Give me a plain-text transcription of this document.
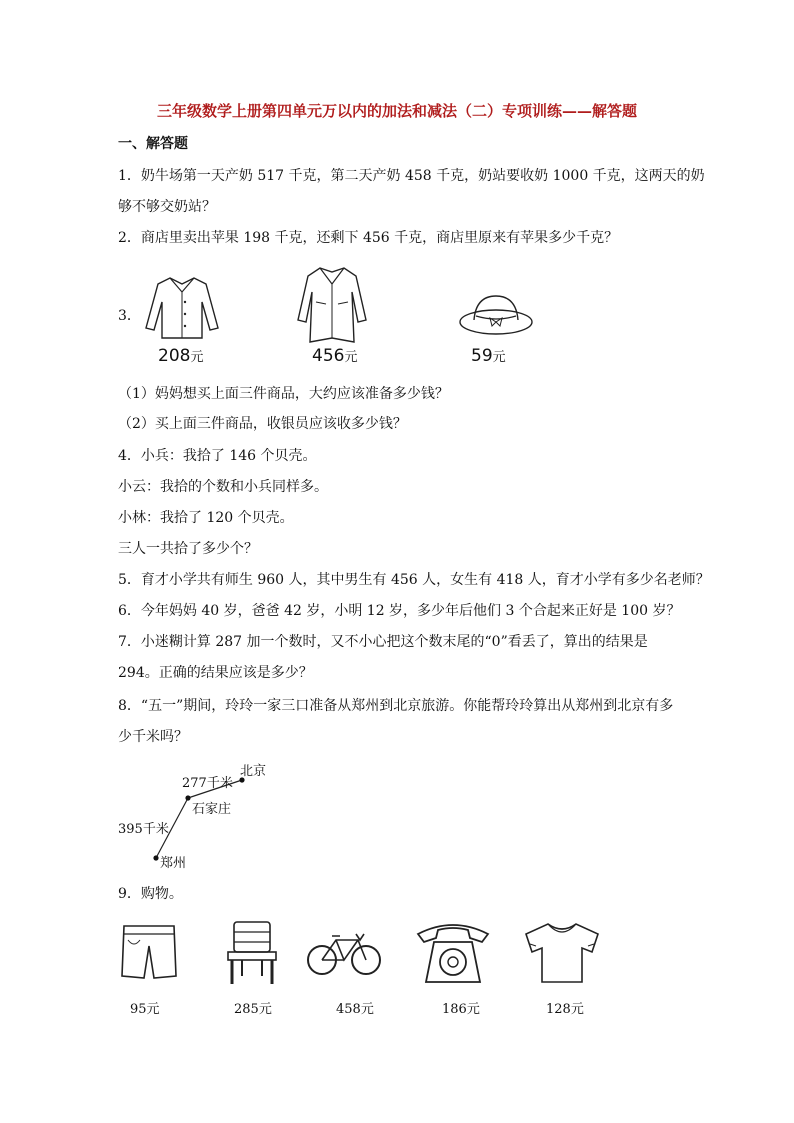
三年级数学上册第四单元万以内的加法和减法（二）专项训练——解答题
一、解答题
1．奶牛场第一天产奶 517 千克，第二天产奶 458 千克，奶站要收奶 1000 千克，这两天的奶
够不够交奶站？
2．商店里卖出苹果 198 千克，还剩下 456 千克，商店里原来有苹果多少千克？
3．
208元	456元	59元
（1）妈妈想买上面三件商品，大约应该准备多少钱？
（2）买上面三件商品，收银员应该收多少钱？
4．小兵：我拾了 146 个贝壳。
小云：我拾的个数和小兵同样多。
小林：我拾了 120 个贝壳。
三人一共拾了多少个？
5．育才小学共有师生 960 人，其中男生有 456 人，女生有 418 人，育才小学有多少名老师？
6．今年妈妈 40 岁，爸爸 42 岁，小明 12 岁，多少年后他们 3 个合起来正好是 100 岁？
7．小迷糊计算 287 加一个数时，又不小心把这个数末尾的“0”看丢了，算出的结果是
294。正确的结果应该是多少？
8．“五一”期间，玲玲一家三口准备从郑州到北京旅游。你能帮玲玲算出从郑州到北京有多
少千米吗？
北京
277千米
石家庄
395千米
郑州
9．购物。
95元	285元	458元	186元	128元
